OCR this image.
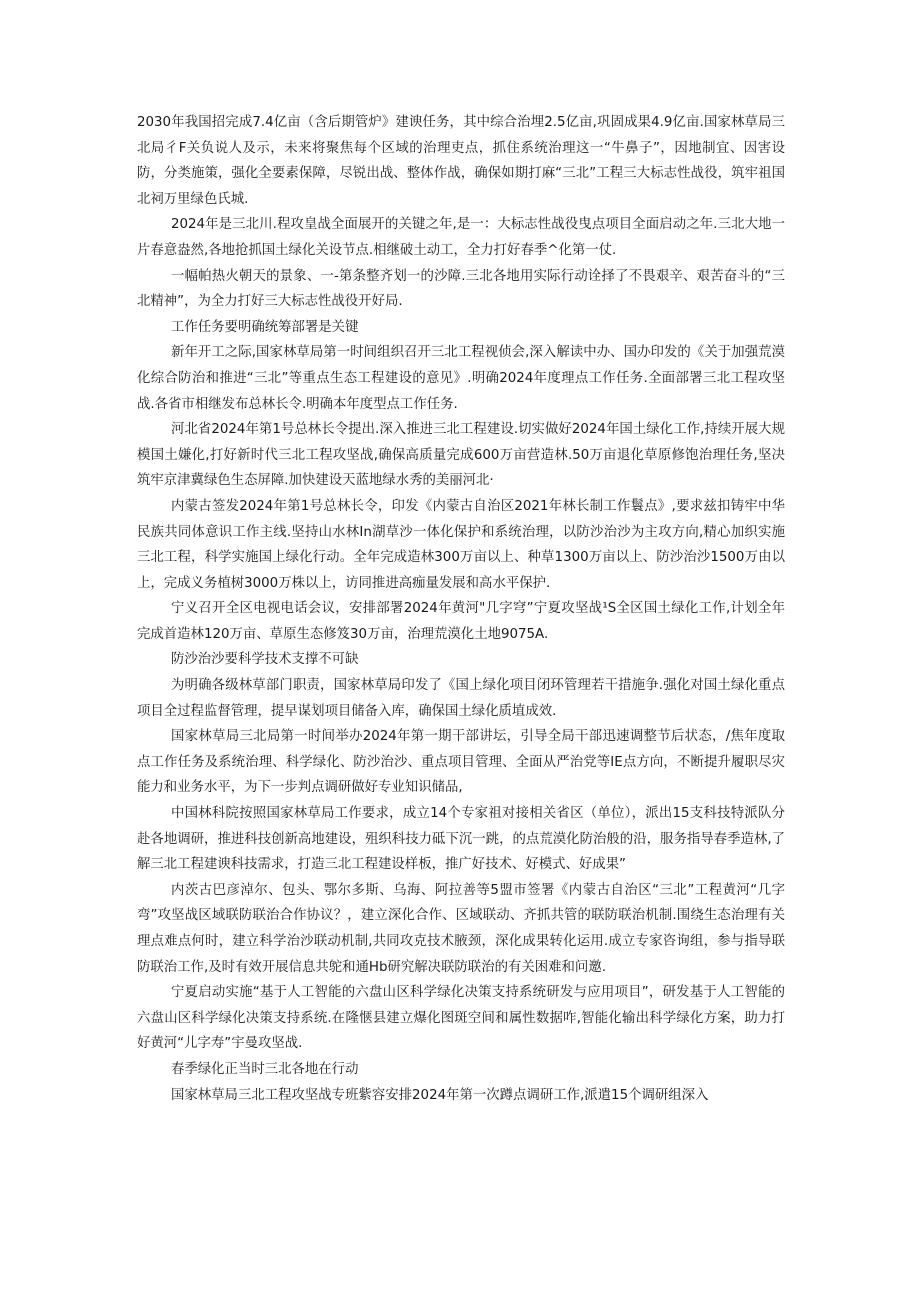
2030年我国招完成7.4亿亩（含后期管炉》建谀任务，其中综合治埋2.5亿亩,巩固成果4.9亿亩.国家林草局三北局彳F关负说人及示，未来将聚焦每个区域的治理吏点，抓住系统治理这一“牛鼻子”，因地制宜、因害设防，分类施策，强化全要素保障，尽锐出战、整体作战，确保如期打麻“三北”工程三大标志性战役，筑牢祖国北祠万里绿色氏城.

2024年是三北川.程攻皇战全面展开的关键之年,是一：大标志性战役曳点项目全面启动之年.三北大地一片春意盎然,各地抢抓国土绿化关设节点.相继破土动工，全力打好春季^化第一仗.

一幅帕热火朝天的景象、一-第条整齐划一的沙障.三北各地用实际行动诠择了不畏艰辛、艰苦奋斗的“三北精神”，为全力打好三大标志性战役开好局.

工作任务要明确统筹部署是关键

新年开工之际,国家林草局第一时间组织召开三北工程视侦会,深入解读中办、国办印发的《关于加强荒漠化综合防治和推进“三北”等重点生态工程建设的意见》.明确2024年度理点工作任务.全面部署三北工程攻坚战.各省市相继发布总林长令.明确本年度型点工作任务.

河北省2024年第1号总林长令提出.深入推进三北工程建设.切实做好2024年国土绿化工作,持续开展大规模国土嫌化,打好新时代三北工程攻坚战,确保高质量完成600万亩营造林.50万亩退化草原修饱治理任务,坚决筑牢京津冀绿色生态屏障.加快建设天蓝地绿水秀的美丽河北·

内蒙古签发2024年第1号总林长令，印发《内蒙古自治区2021年林长制工作鬟点》,要求兹扣铸牢中华民族共同体意识工作主线.坚持山水林In湖草沙一体化保护和系统治理，以防沙治沙为主攻方向,精心加织实施三北工程，科学实施国上绿化行动。全年完成造林300万亩以上、种草1300万亩以上、防沙治沙1500万由以上，完成义务植树3000万株以上，访同推进高痂量发展和高水平保护.

宁义召开全区电视电话会议，安排部署2024年黄河"几字穹”宁夏攻坚战¹S全区国土绿化工作,计划全年完成首造林120万亩、草原生态修笈30万亩，治理荒漠化土地9075A.

防沙治沙要科学技术支撑不可缺

为明确各级林草部门职责，国家林草局印发了《国上绿化项目闭环管理若干措施争.强化对国土绿化重点项目全过程监督管理，提早谋划项目储备入库，确保国土绿化质埴成效.

国家林草局三北局第一时间举办2024年第一期干部讲坛，引导全局干部迅速调整节后状态，/焦年度取点工作任务及系统治理、科学绿化、防沙治沙、重点项目管理、全面从严治党等IE点方向，不断提升履职尽灾能力和业务水平，为下一步判点调研做好专业知识储品,

中国林科院按照国家林草局工作要求，成立14个专家祖对接相关省区（单位），派出15支科技特派队分赴各地调研，推进科技创新高地建设，殂织科技力砥下沉一跳，的点荒漠化防治般的沿，服务指导春季造林,了解三北工程建谀科技需求，打造三北工程建设样板，推广好技术、好模式、好成果”

内茨古巴彦淖尔、包头、鄂尔多斯、乌海、阿拉善等5盟市签署《内蒙古自治区“三北”工程黄河“几字弯”攻坚战区域联防联治合作协议？，建立深化合作、区域联动、齐抓共管的联防联治机制.围绕生态治理有关理点难点何时，建立科学治沙联动机制,共同攻克技术腋颈，深化成果转化运用.成立专家咨询组，参与指导联防联治工作,及时有效开展信息共鸵和通Hb研究解决联防联治的有关困难和问邀.

宁夏启动实施“基于人工智能的六盘山区科学绿化决策支持系统研发与应用项目”，研发基于人工智能的六盘山区科学绿化决策支持系统.在隆惬县建立爆化图斑空间和属性数据咋,智能化输出科学绿化方案，助力打好黄河“儿字寿”宇曼攻坚战.

春季绿化正当时三北各地在行动

国家林草局三北工程攻坚战专班紫容安排2024年第一次蹲点调研工作,派遣15个调研组深入
